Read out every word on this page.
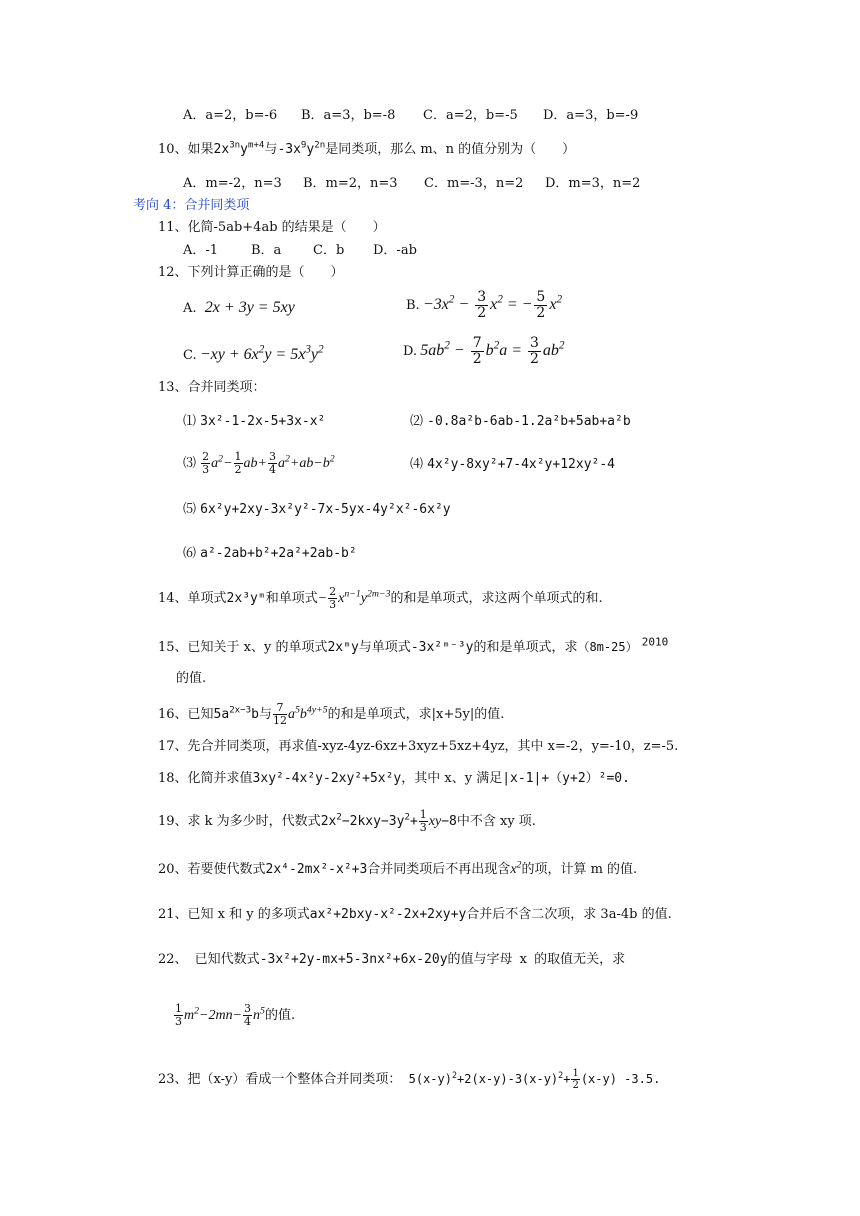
A．a=2，b=-6 B．a=3，b=-8 C．a=2，b=-5 D．a=3，b=-9
10、如果$2x^{3n}y^{m+4}$与$-3x^9y^{2n}$是同类项，那么 m、n 的值分别为（　　）
A．m=-2，n=3 B．m=2，n=3 C．m=-3，n=2 D．m=3，n=2
考向 4：合并同类项
11、化简-5ab+4ab 的结果是（　　）
A．-1	B．a C．b D．-ab
12、下列计算正确的是（　　）
A. 2x + 3y = 5xy	B. $-3x^2 - \frac{3}{2} x^2$ = − $\frac{5}{2} x^2$
C. $-xy + 6x^2y = 5x^3y^2$	D. $5ab^2 - \frac{7}{2} b^2a = \frac{3}{2} ab^2$
13、合并同类项：
⑴ 3x²-1-2x-5+3x-x²	⑵ -0.8a²b-6ab-1.2a²b+5ab+a²b
⑶ $\frac{2}{3} a^2- \frac{1}{2} ab+ \frac{3}{4} a^2+ab-b^2$	⑷ 4x²y-8xy²+7-4x²y+12xy²-4
⑸ 6x²y+2xy-3x²y²-7x-5yx-4y²x²-6x²y
⑹ a²-2ab+b²+2a²+2ab-b²
14、单项式2x³yᵐ和单项式− $\frac{2}{3} x^{n-1}y^{2m-3}$的和是单项式，求这两个单项式的和.
15、已知关于 x、y 的单项式2xᵐy与单项式-3x²ᵐ⁻³y的和是单项式，求（8m-25） $^{2010}$
的值.
16、已知$5a^{2x-3}b$与 $\frac{7}{12} a^5b^{4y+5}$的和是单项式，求|x+5y|的值.
17、先合并同类项，再求值-xyz-4yz-6xz+3xyz+5xz+4yz，其中 x=-2，y=-10，z=-5.
18、化简并求值3xy²-4x²y-2xy²+5x²y，其中 x、y 满足|x-1|+（y+2）²=0.
19、求 k 为多少时，代数式$2x^2-2kxy-3y^2+ \frac{1}{3} xy-8$中不含 xy 项.
20、若要使代数式2x⁴-2mx²-x²+3合并同类项后不再出现含$x^2$的项，计算 m 的值.
21、已知 x 和 y 的多项式ax²+2bxy-x²-2x+2xy+y合并后不含二次项，求 3a-4b 的值.
22、 已知代数式-3x²+2y-mx+5-3nx²+6x-20y的值与字母 x 的取值无关，求
$\frac{1}{3} m^2-2mn- \frac{3}{4} n^5$的值.
23、把（x-y）看成一个整体合并同类项： $5(x-y)^2+2(x-y)-3(x-y)^2+ \frac{1}{2} (x-y)$ -3.5.
